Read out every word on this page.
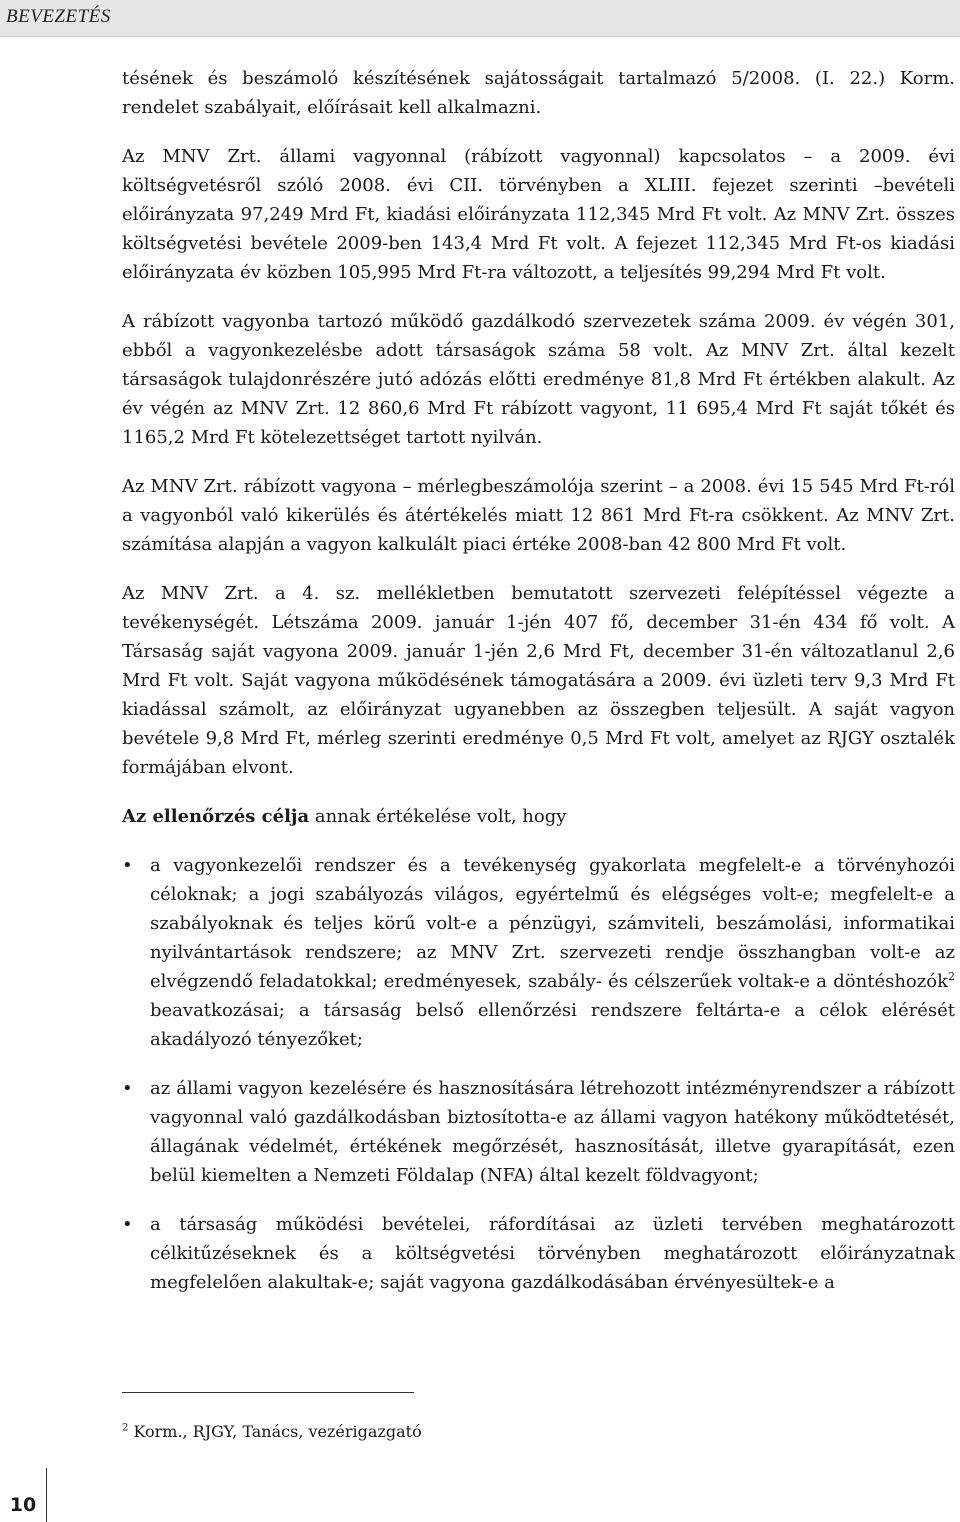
BEVEZETÉS

tésének és beszámoló készítésének sajátosságait tartalmazó 5/2008. (I. 22.) Korm. rendelet szabályait, előírásait kell alkalmazni.

Az MNV Zrt. állami vagyonnal (rábízott vagyonnal) kapcsolatos – a 2009. évi költségvetésről szóló 2008. évi CII. törvényben a XLIII. fejezet szerinti –bevételi előirányzata 97,249 Mrd Ft, kiadási előirányzata 112,345 Mrd Ft volt. Az MNV Zrt. összes költségvetési bevétele 2009-ben 143,4 Mrd Ft volt. A fejezet 112,345 Mrd Ft-os kiadási előirányzata év közben 105,995 Mrd Ft-ra változott, a teljesítés 99,294 Mrd Ft volt.

A rábízott vagyonba tartozó működő gazdálkodó szervezetek száma 2009. év végén 301, ebből a vagyonkezelésbe adott társaságok száma 58 volt. Az MNV Zrt. által kezelt társaságok tulajdonrészére jutó adózás előtti eredménye 81,8 Mrd Ft értékben alakult. Az év végén az MNV Zrt. 12 860,6 Mrd Ft rábízott vagyont, 11 695,4 Mrd Ft saját tőkét és 1165,2 Mrd Ft kötelezettséget tartott nyilván.

Az MNV Zrt. rábízott vagyona – mérlegbeszámolója szerint – a 2008. évi 15 545 Mrd Ft-ról a vagyonból való kikerülés és átértékelés miatt 12 861 Mrd Ft-ra csökkent. Az MNV Zrt. számítása alapján a vagyon kalkulált piaci értéke 2008-ban 42 800 Mrd Ft volt.

Az MNV Zrt. a 4. sz. mellékletben bemutatott szervezeti felépítéssel végezte a tevékenységét. Létszáma 2009. január 1-jén 407 fő, december 31-én 434 fő volt. A Társaság saját vagyona 2009. január 1-jén 2,6 Mrd Ft, december 31-én változatlanul 2,6 Mrd Ft volt. Saját vagyona működésének támogatására a 2009. évi üzleti terv 9,3 Mrd Ft kiadással számolt, az előirányzat ugyanebben az összegben teljesült. A saját vagyon bevétele 9,8 Mrd Ft, mérleg szerinti eredménye 0,5 Mrd Ft volt, amelyet az RJGY osztalék formájában elvont.

Az ellenőrzés célja annak értékelése volt, hogy

• a vagyonkezelői rendszer és a tevékenység gyakorlata megfelelt-e a törvényhozói céloknak; a jogi szabályozás világos, egyértelmű és elégséges volt-e; megfelelt-e a szabályoknak és teljes körű volt-e a pénzügyi, számviteli, beszámolási, informatikai nyilvántartások rendszere; az MNV Zrt. szervezeti rendje összhangban volt-e az elvégzendő feladatokkal; eredményesek, szabály- és célszerűek voltak-e a döntéshozók$^2$ beavatkozásai; a társaság belső ellenőrzési rendszere feltárta-e a célok elérését akadályozó tényezőket;
• az állami vagyon kezelésére és hasznosítására létrehozott intézményrendszer a rábízott vagyonnal való gazdálkodásban biztosította-e az állami vagyon hatékony működtetését, állagának védelmét, értékének megőrzését, hasznosítását, illetve gyarapítását, ezen belül kiemelten a Nemzeti Földalap (NFA) által kezelt földvagyont;
• a társaság működési bevételei, ráfordításai az üzleti tervében meghatározott célkitűzéseknek és a költségvetési törvényben meghatározott előirányzatnak megfelelően alakultak-e; saját vagyona gazdálkodásában érvényesültek-e a
$^2$ Korm., RJGY, Tanács, vezérigazgató
10
